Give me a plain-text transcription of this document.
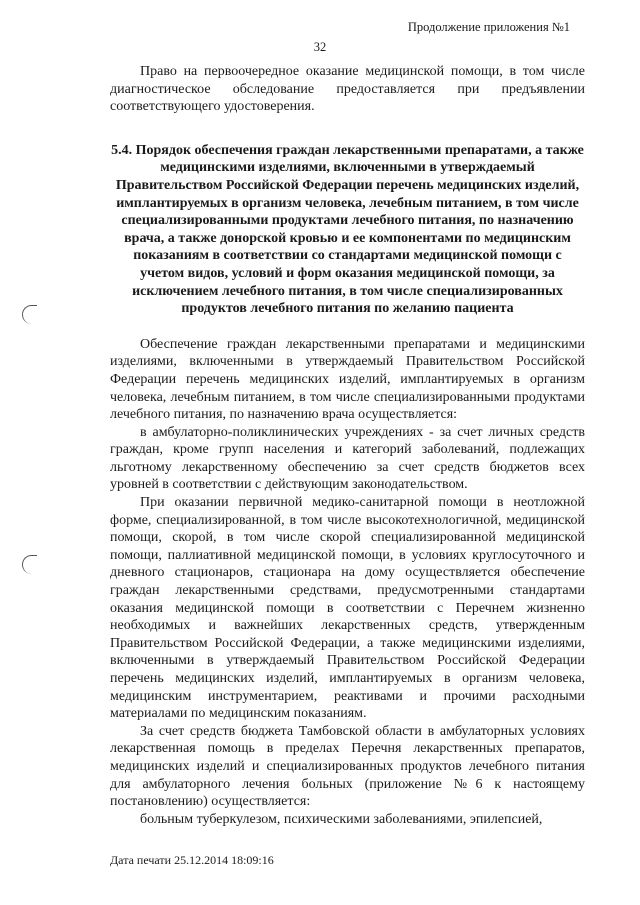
Продолжение приложения №1
32

Право на первоочередное оказание медицинской помощи, в том числе диагностическое обследование предоставляется при предъявлении соответствующего удостоверения.

5.4. Порядок обеспечения граждан лекарственными препаратами, а также медицинскими изделиями, включенными в утверждаемый Правительством Российской Федерации перечень медицинских изделий, имплантируемых в организм человека, лечебным питанием, в том числе специализированными продуктами лечебного питания, по назначению врача, а также донорской кровью и ее компонентами по медицинским показаниям в соответствии со стандартами медицинской помощи с учетом видов, условий и форм оказания медицинской помощи, за исключением лечебного питания, в том числе специализированных продуктов лечебного питания по желанию пациента

Обеспечение граждан лекарственными препаратами и медицинскими изделиями, включенными в утверждаемый Правительством Российской Федерации перечень медицинских изделий, имплантируемых в организм человека, лечебным питанием, в том числе специализированными продуктами лечебного питания, по назначению врача осуществляется:

в амбулаторно-поликлинических учреждениях - за счет личных средств граждан, кроме групп населения и категорий заболеваний, подлежащих льготному лекарственному обеспечению за счет средств бюджетов всех уровней в соответствии с действующим законодательством.

При оказании первичной медико-санитарной помощи в неотложной форме, специализированной, в том числе высокотехнологичной, медицинской помощи, скорой, в том числе скорой специализированной медицинской помощи, паллиативной медицинской помощи, в условиях круглосуточного и дневного стационаров, стационара на дому осуществляется обеспечение граждан лекарственными средствами, предусмотренными стандартами оказания медицинской помощи в соответствии с Перечнем жизненно необходимых и важнейших лекарственных средств, утвержденным Правительством Российской Федерации, а также медицинскими изделиями, включенными в утверждаемый Правительством Российской Федерации перечень медицинских изделий, имплантируемых в организм человека, медицинским инструментарием, реактивами и прочими расходными материалами по медицинским показаниям.

За счет средств бюджета Тамбовской области в амбулаторных условиях лекарственная помощь в пределах Перечня лекарственных препаратов, медицинских изделий и специализированных продуктов лечебного питания для амбулаторного лечения больных (приложение №6 к настоящему постановлению) осуществляется:

больным туберкулезом, психическими заболеваниями, эпилепсией,

Дата печати 25.12.2014 18:09:16
